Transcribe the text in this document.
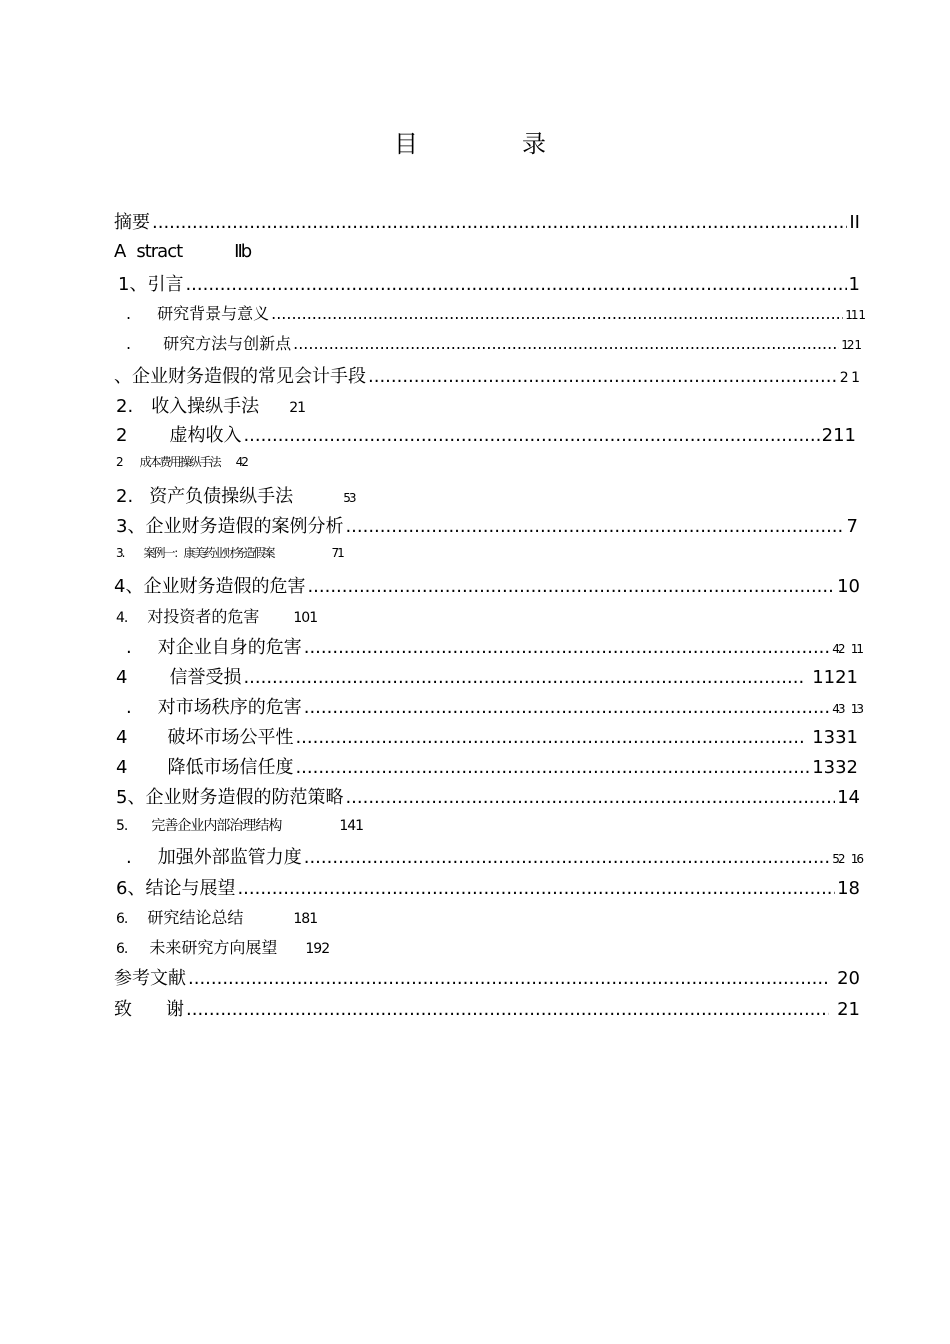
目　录
摘要 .....	II
A stract	IIb
1、 引言 .....	1
. 研究背景与意义 .....	11 1
. 研究方法与创新点 .....	12 1
、企业财务造假的常见会计手段 .....	2 1
2. 收入操纵手法 21
2 虚构收入 .....	211
2 成本费用操纵手法 42
2. 资产负债操纵手法	53
3、 企业财务造假的案例分析 .....	7
3. 案例一：康美药业财务造假案	71
4、 企业财务造假的危害 .....	10
4. 对投资者的危害 101
. 对企业自身的危害 .....	42    11
4 信誉受损 .....	1121
. 对市场秩序的危害 .....	43    13
4 破坏市场公平性 .....	1331
4 降低市场信任度 .....	1332
5、 企业财务造假的防范策略 .....	14
5. 完善企业内部治理结构	141
. 加强外部监管力度 .....	52    16
6、 结论与展望 .....	18
6. 研究结论总结	181
6. 未来研究方向展望 192
参考文献 .....	20
致 谢 .....	21
